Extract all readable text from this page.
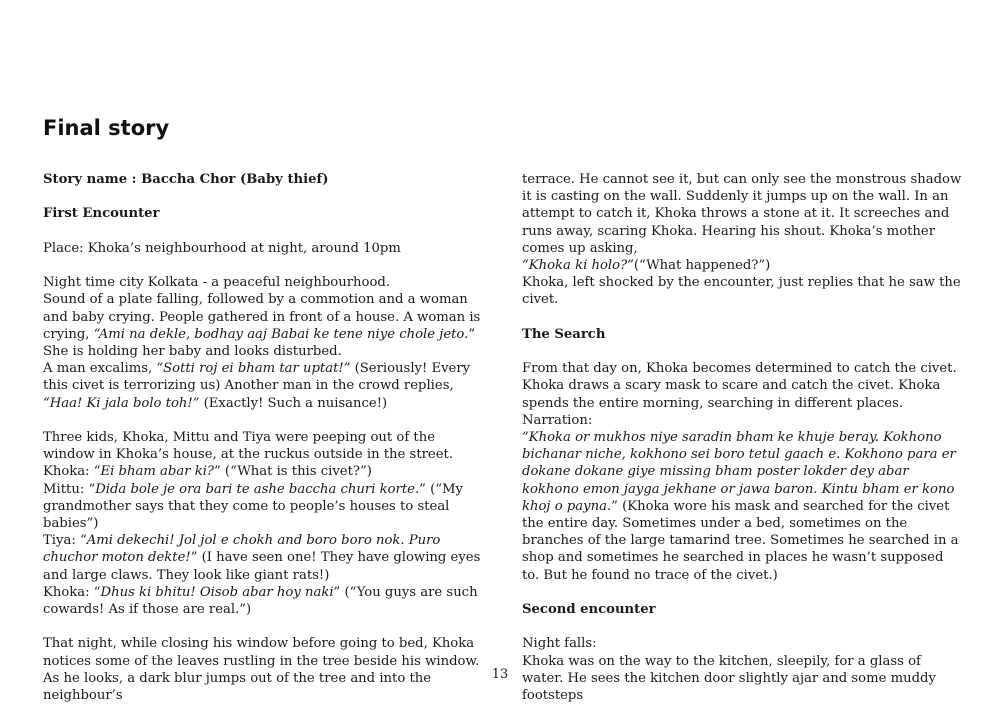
Final story

Story name : Baccha Chor (Baby thief)

First Encounter

Place: Khoka’s neighbourhood at night, around 10pm

Night time city Kolkata - a peaceful neighbourhood.
Sound of a plate falling, followed by a commotion and a woman and baby crying. People gathered in front of a house. A woman is crying, “Ami na dekle, bodhay aaj Babai ke tene niye chole jeto.” She is holding her baby and looks disturbed.
A man excalims, “Sotti roj ei bham tar uptat!” (Seriously! Every this civet is terrorizing us) Another man in the crowd replies, “Haa! Ki jala bolo toh!” (Exactly! Such a nuisance!)

Three kids, Khoka, Mittu and Tiya were peeping out of the window in Khoka’s house, at the ruckus outside in the street.
Khoka: “Ei bham abar ki?” (“What is this civet?”)
Mittu: “Dida bole je ora bari te ashe baccha churi korte.” (“My grandmother says that they come to people’s houses to steal babies”)
Tiya: “Ami dekechi! Jol jol e chokh and boro boro nok. Puro chuchor moton dekte!” (I have seen one! They have glowing eyes and large claws. They look like giant rats!)
Khoka: “Dhus ki bhitu! Oisob abar hoy naki” (“You guys are such cowards! As if those are real.”)

That night, while closing his window before going to bed, Khoka notices some of the leaves rustling in the tree beside his window. As he looks, a dark blur jumps out of the tree and into the neighbour’s

terrace. He cannot see it, but can only see the monstrous shadow it is casting on the wall. Suddenly it jumps up on the wall. In an attempt to catch it, Khoka throws a stone at it. It screeches and runs away, scaring Khoka. Hearing his shout. Khoka’s mother comes up asking,
“Khoka ki holo?”(“What happened?”)
Khoka, left shocked by the encounter, just replies that he saw the civet.

The Search

From that day on, Khoka becomes determined to catch the civet. Khoka draws a scary mask to scare and catch the civet. Khoka spends the entire morning, searching in different places.
Narration:
“Khoka or mukhos niye saradin bham ke khuje beray. Kokhono bichanar niche, kokhono sei boro tetul gaach e. Kokhono para er dokane dokane giye missing bham poster lokder dey abar kokhono emon jayga jekhane or jawa baron. Kintu bham er kono khoj o payna.” (Khoka wore his mask and searched for the civet the entire day. Sometimes under a bed, sometimes on the branches of the large tamarind tree. Sometimes he searched in a shop and sometimes he searched in places he wasn’t supposed to. But he found no trace of the civet.)

Second encounter

Night falls:
Khoka was on the way to the kitchen, sleepily, for a glass of water. He sees the kitchen door slightly ajar and some muddy footsteps

13
